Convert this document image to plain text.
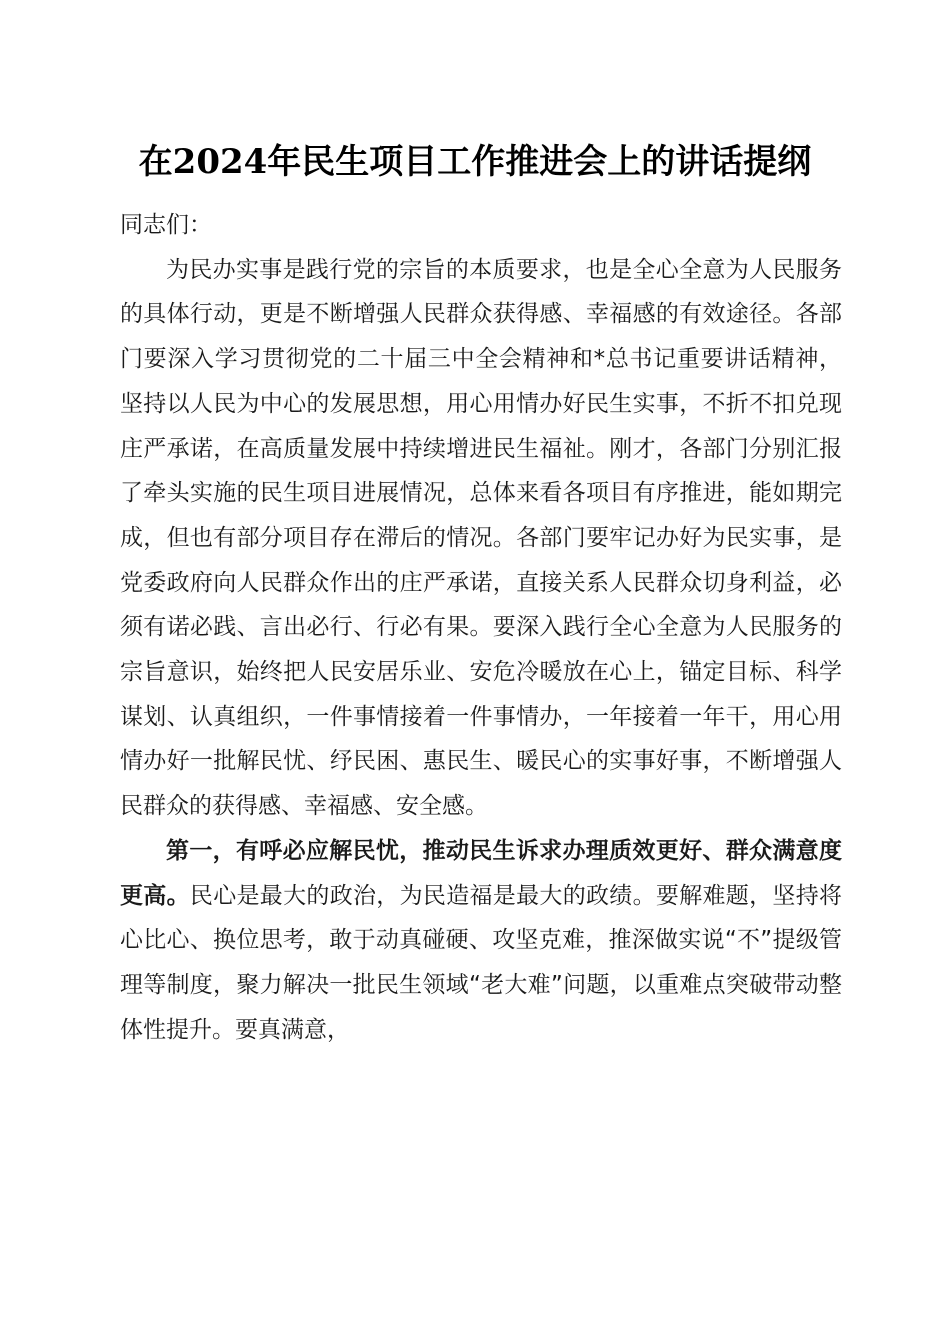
在2024年民生项目工作推进会上的讲话提纲

同志们：

为民办实事是践行党的宗旨的本质要求，也是全心全意为人民服务的具体行动，更是不断增强人民群众获得感、幸福感的有效途径。各部门要深入学习贯彻党的二十届三中全会精神和*总书记重要讲话精神，坚持以人民为中心的发展思想，用心用情办好民生实事，不折不扣兑现庄严承诺，在高质量发展中持续增进民生福祉。刚才，各部门分别汇报了牵头实施的民生项目进展情况，总体来看各项目有序推进，能如期完成，但也有部分项目存在滞后的情况。各部门要牢记办好为民实事，是党委政府向人民群众作出的庄严承诺，直接关系人民群众切身利益，必须有诺必践、言出必行、行必有果。要深入践行全心全意为人民服务的宗旨意识，始终把人民安居乐业、安危冷暖放在心上，锚定目标、科学谋划、认真组织，一件事情接着一件事情办，一年接着一年干，用心用情办好一批解民忧、纾民困、惠民生、暖民心的实事好事，不断增强人民群众的获得感、幸福感、安全感。

第一，有呼必应解民忧，推动民生诉求办理质效更好、群众满意度更高。民心是最大的政治，为民造福是最大的政绩。要解难题，坚持将心比心、换位思考，敢于动真碰硬、攻坚克难，推深做实说“不”提级管理等制度，聚力解决一批民生领域“老大难”问题，以重难点突破带动整体性提升。要真满意，
